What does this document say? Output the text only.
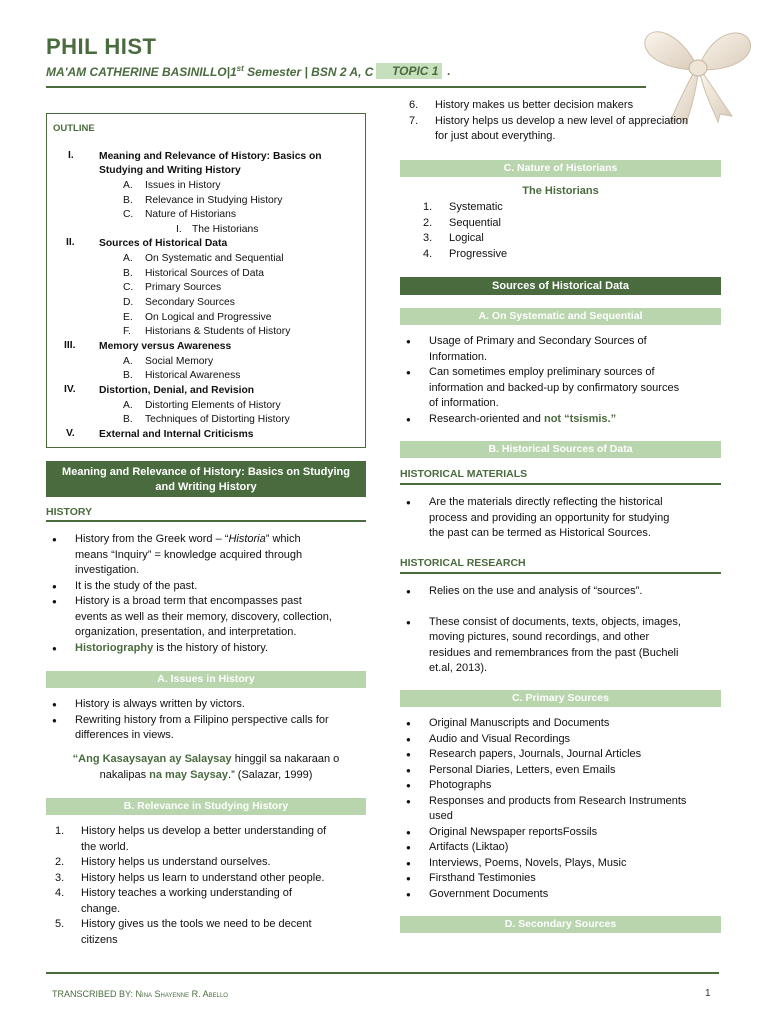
PHIL HIST
MA'AM CATHERINE BASINILLO|1st Semester | BSN 2 A, C	TOPIC 1 .
OUTLINE
I. Meaning and Relevance of History: Basics on
Studying and Writing History
A. Issues in History
B. Relevance in Studying History
C. Nature of Historians
I. The Historians
II. Sources of Historical Data
A. On Systematic and Sequential
B. Historical Sources of Data
C. Primary Sources
D. Secondary Sources
E. On Logical and Progressive
F. Historians & Students of History
III. Memory versus Awareness
A. Social Memory
B. Historical Awareness
IV. Distortion, Denial, and Revision
A. Distorting Elements of History
B. Techniques of Distorting History
V. External and Internal Criticisms
Meaning and Relevance of History: Basics on Studying
and Writing History
HISTORY
● History from the Greek word – “Historia” which
means “Inquiry” = knowledge acquired through
investigation.
● It is the study of the past.
● History is a broad term that encompasses past
events as well as their memory, discovery, collection,
organization, presentation, and interpretation.
● Historiography is the history of history.
A. Issues in History
● History is always written by victors.
● Rewriting history from a Filipino perspective calls for
differences in views.
“Ang Kasaysayan ay Salaysay hinggil sa nakaraan o
nakalipas na may Saysay.” (Salazar, 1999)
B. Relevance in Studying History
1. History helps us develop a better understanding of
the world.
2. History helps us understand ourselves.
3. History helps us learn to understand other people.
4. History teaches a working understanding of
change.
5. History gives us the tools we need to be decent
citizens
6. History makes us better decision makers
7. History helps us develop a new level of appreciation
for just about everything.
C. Nature of Historians
The Historians
1. Systematic
2. Sequential
3. Logical
4. Progressive
Sources of Historical Data
A. On Systematic and Sequential
● Usage of Primary and Secondary Sources of
Information.
● Can sometimes employ preliminary sources of
information and backed-up by confirmatory sources
of information.
● Research-oriented and not “tsismis.”
B. Historical Sources of Data
HISTORICAL MATERIALS
● Are the materials directly reflecting the historical
process and providing an opportunity for studying
the past can be termed as Historical Sources.
HISTORICAL RESEARCH
● Relies on the use and analysis of “sources”.
● These consist of documents, texts, objects, images,
moving pictures, sound recordings, and other
residues and remembrances from the past (Bucheli
et.al, 2013).
C. Primary Sources
● Original Manuscripts and Documents
● Audio and Visual Recordings
● Research papers, Journals, Journal Articles
● Personal Diaries, Letters, even Emails
● Photographs
● Responses and products from Research Instruments
used
● Original Newspaper reportsFossils
● Artifacts (Liktao)
● Interviews, Poems, Novels, Plays, Music
● Firsthand Testimonies
● Government Documents
D. Secondary Sources
TRANSCRIBED BY: Nina Shayenne R. Abello	1
